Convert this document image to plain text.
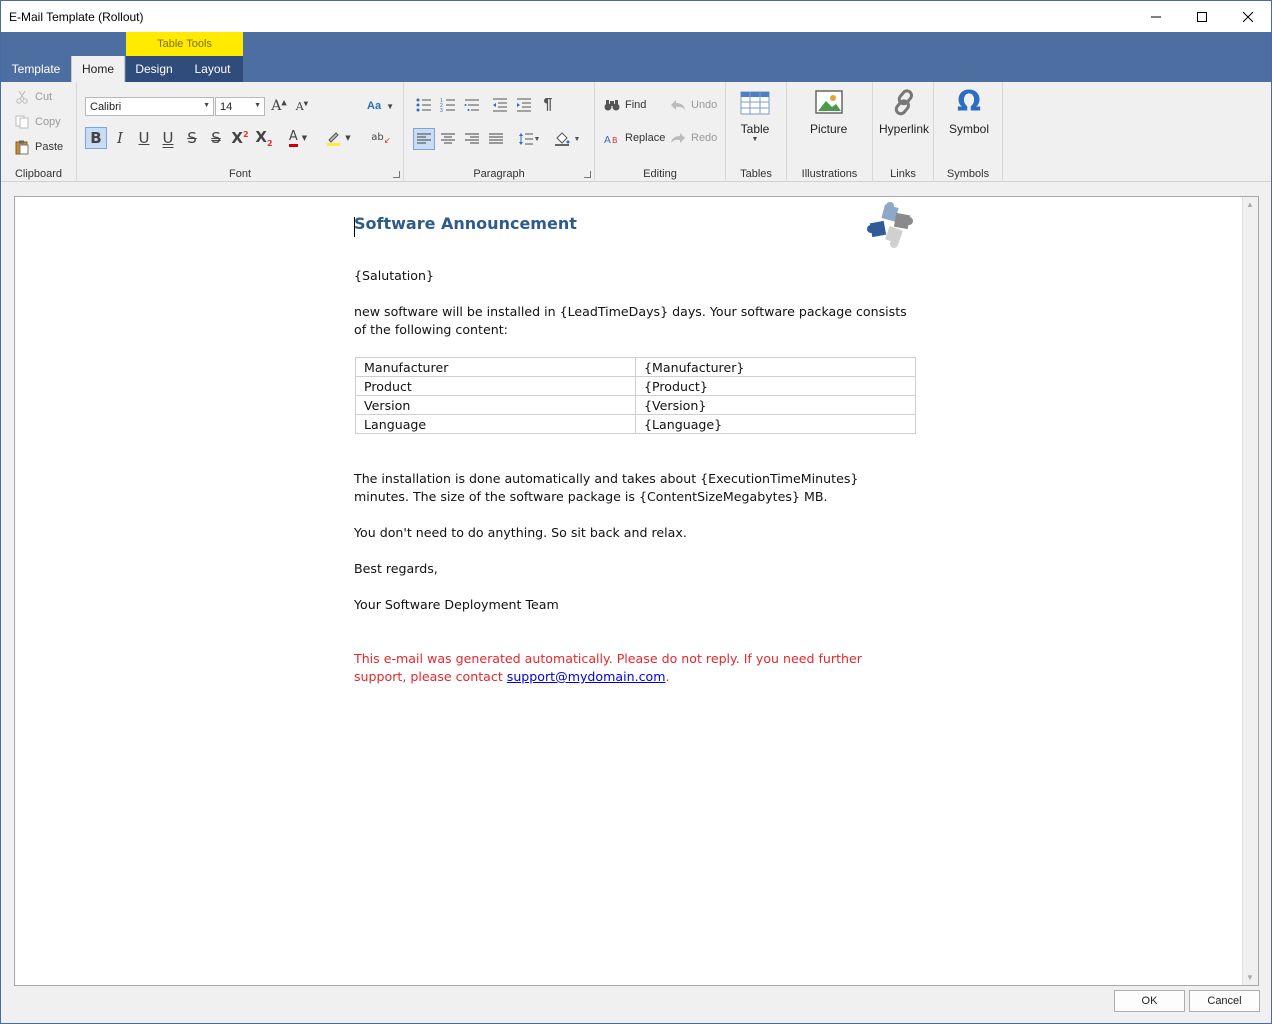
E-Mail Template (Rollout)
Table Tools
Template	Home	Design	Layout
Cut
Copy
Paste
Clipboard
Calibri	▼ 14	▼ A▲ A▼	Aa ▼
B I U U S S $X^2$ $X_2$ A ▼	▼ $ab_↙$
Font
1
2
3	¶
▼	▼
Paragraph
Find
A B Replace
Undo
Redo
Editing
Table
▼
Tables
Picture
Illustrations
Hyperlink
Links
Ω
Symbol
Symbols
Software Announcement
{Salutation}
new software will be installed in {LeadTimeDays} days. Your software package consists of the following content:
Manufacturer	{Manufacturer}
Product	{Product}
Version	{Version}
Language	{Language}
The installation is done automatically and takes about {ExecutionTimeMinutes} minutes. The size of the software package is {ContentSizeMegabytes} MB.
You don't need to do anything. So sit back and relax.
Best regards,
Your Software Deployment Team
This e-mail was generated automatically. Please do not reply. If you need further support, please contact support@mydomain.com.
▲
▼
OK	Cancel
